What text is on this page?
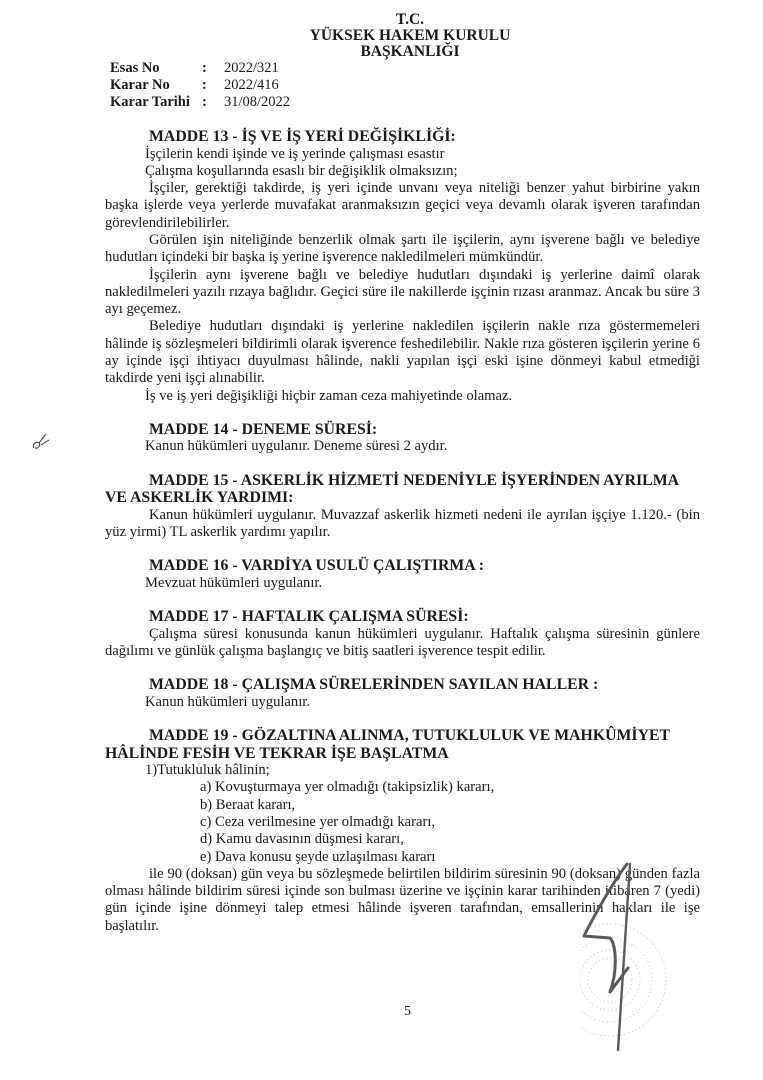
T.C.
YÜKSEK HAKEM KURULU
BAŞKANLIĞI
Esas No	:	2022/321
Karar No	:	2022/416
Karar Tarihi :	31/08/2022
MADDE 13 - İŞ VE İŞ YERİ DEĞİŞİKLİĞİ:
İşçilerin kendi işinde ve iş yerinde çalışması esastır
Çalışma koşullarında esaslı bir değişiklik olmaksızın;
İşçiler, gerektiği takdirde, iş yeri içinde unvanı veya niteliği benzer yahut birbirine yakın başka işlerde veya yerlerde muvafakat aranmaksızın geçici veya devamlı olarak işveren tarafından görevlendirilebilirler.
Görülen işin niteliğinde benzerlik olmak şartı ile işçilerin, aynı işverene bağlı ve belediye hudutları içindeki bir başka iş yerine işverence nakledilmeleri mümkündür.
İşçilerin aynı işverene bağlı ve belediye hudutları dışındaki iş yerlerine daimî olarak nakledilmeleri yazılı rızaya bağlıdır. Geçici süre ile nakillerde işçinin rızası aranmaz. Ancak bu süre 3 ayı geçemez.
Belediye hudutları dışındaki iş yerlerine nakledilen işçilerin nakle rıza göstermemeleri hâlinde iş sözleşmeleri bildirimli olarak işverence feshedilebilir. Nakle rıza gösteren işçilerin yerine 6 ay içinde işçi ihtiyacı duyulması hâlinde, nakli yapılan işçi eski işine dönmeyi kabul etmediği takdirde yeni işçi alınabilir.
İş ve iş yeri değişikliği hiçbir zaman ceza mahiyetinde olamaz.
MADDE 14 - DENEME SÜRESİ:
Kanun hükümleri uygulanır. Deneme süresi 2 aydır.
MADDE 15 - ASKERLİK HİZMETİ NEDENİYLE İŞYERİNDEN AYRILMA VE ASKERLİK YARDIMI:
Kanun hükümleri uygulanır. Muvazzaf askerlik hizmeti nedeni ile ayrılan işçiye 1.120.- (bin yüz yirmi) TL askerlik yardımı yapılır.
MADDE 16 - VARDİYA USULÜ ÇALIŞTIRMA :
Mevzuat hükümleri uygulanır.
MADDE 17 - HAFTALIK ÇALIŞMA SÜRESİ:
Çalışma süresi konusunda kanun hükümleri uygulanır. Haftalık çalışma süresinin günlere dağılımı ve günlük çalışma başlangıç ve bitiş saatleri işverence tespit edilir.
MADDE 18 - ÇALIŞMA SÜRELERİNDEN SAYILAN HALLER :
Kanun hükümleri uygulanır.
MADDE 19 - GÖZALTINA ALINMA, TUTUKLULUK VE MAHKÛMİYET HÂLİNDE FESİH VE TEKRAR İŞE BAŞLATMA
1)Tutukluluk hâlinin;
a) Kovuşturmaya yer olmadığı (takipsizlik) kararı,
b) Beraat kararı,
c) Ceza verilmesine yer olmadığı kararı,
d) Kamu davasının düşmesi kararı,
e) Dava konusu şeyde uzlaşılması kararı
ile 90 (doksan) gün veya bu sözleşmede belirtilen bildirim süresinin 90 (doksan) günden fazla olması hâlinde bildirim süresi içinde son bulması üzerine ve işçinin karar tarihinden itibaren 7 (yedi) gün içinde işine dönmeyi talep etmesi hâlinde işveren tarafından, emsallerinin hakları ile işe başlatılır.
5
